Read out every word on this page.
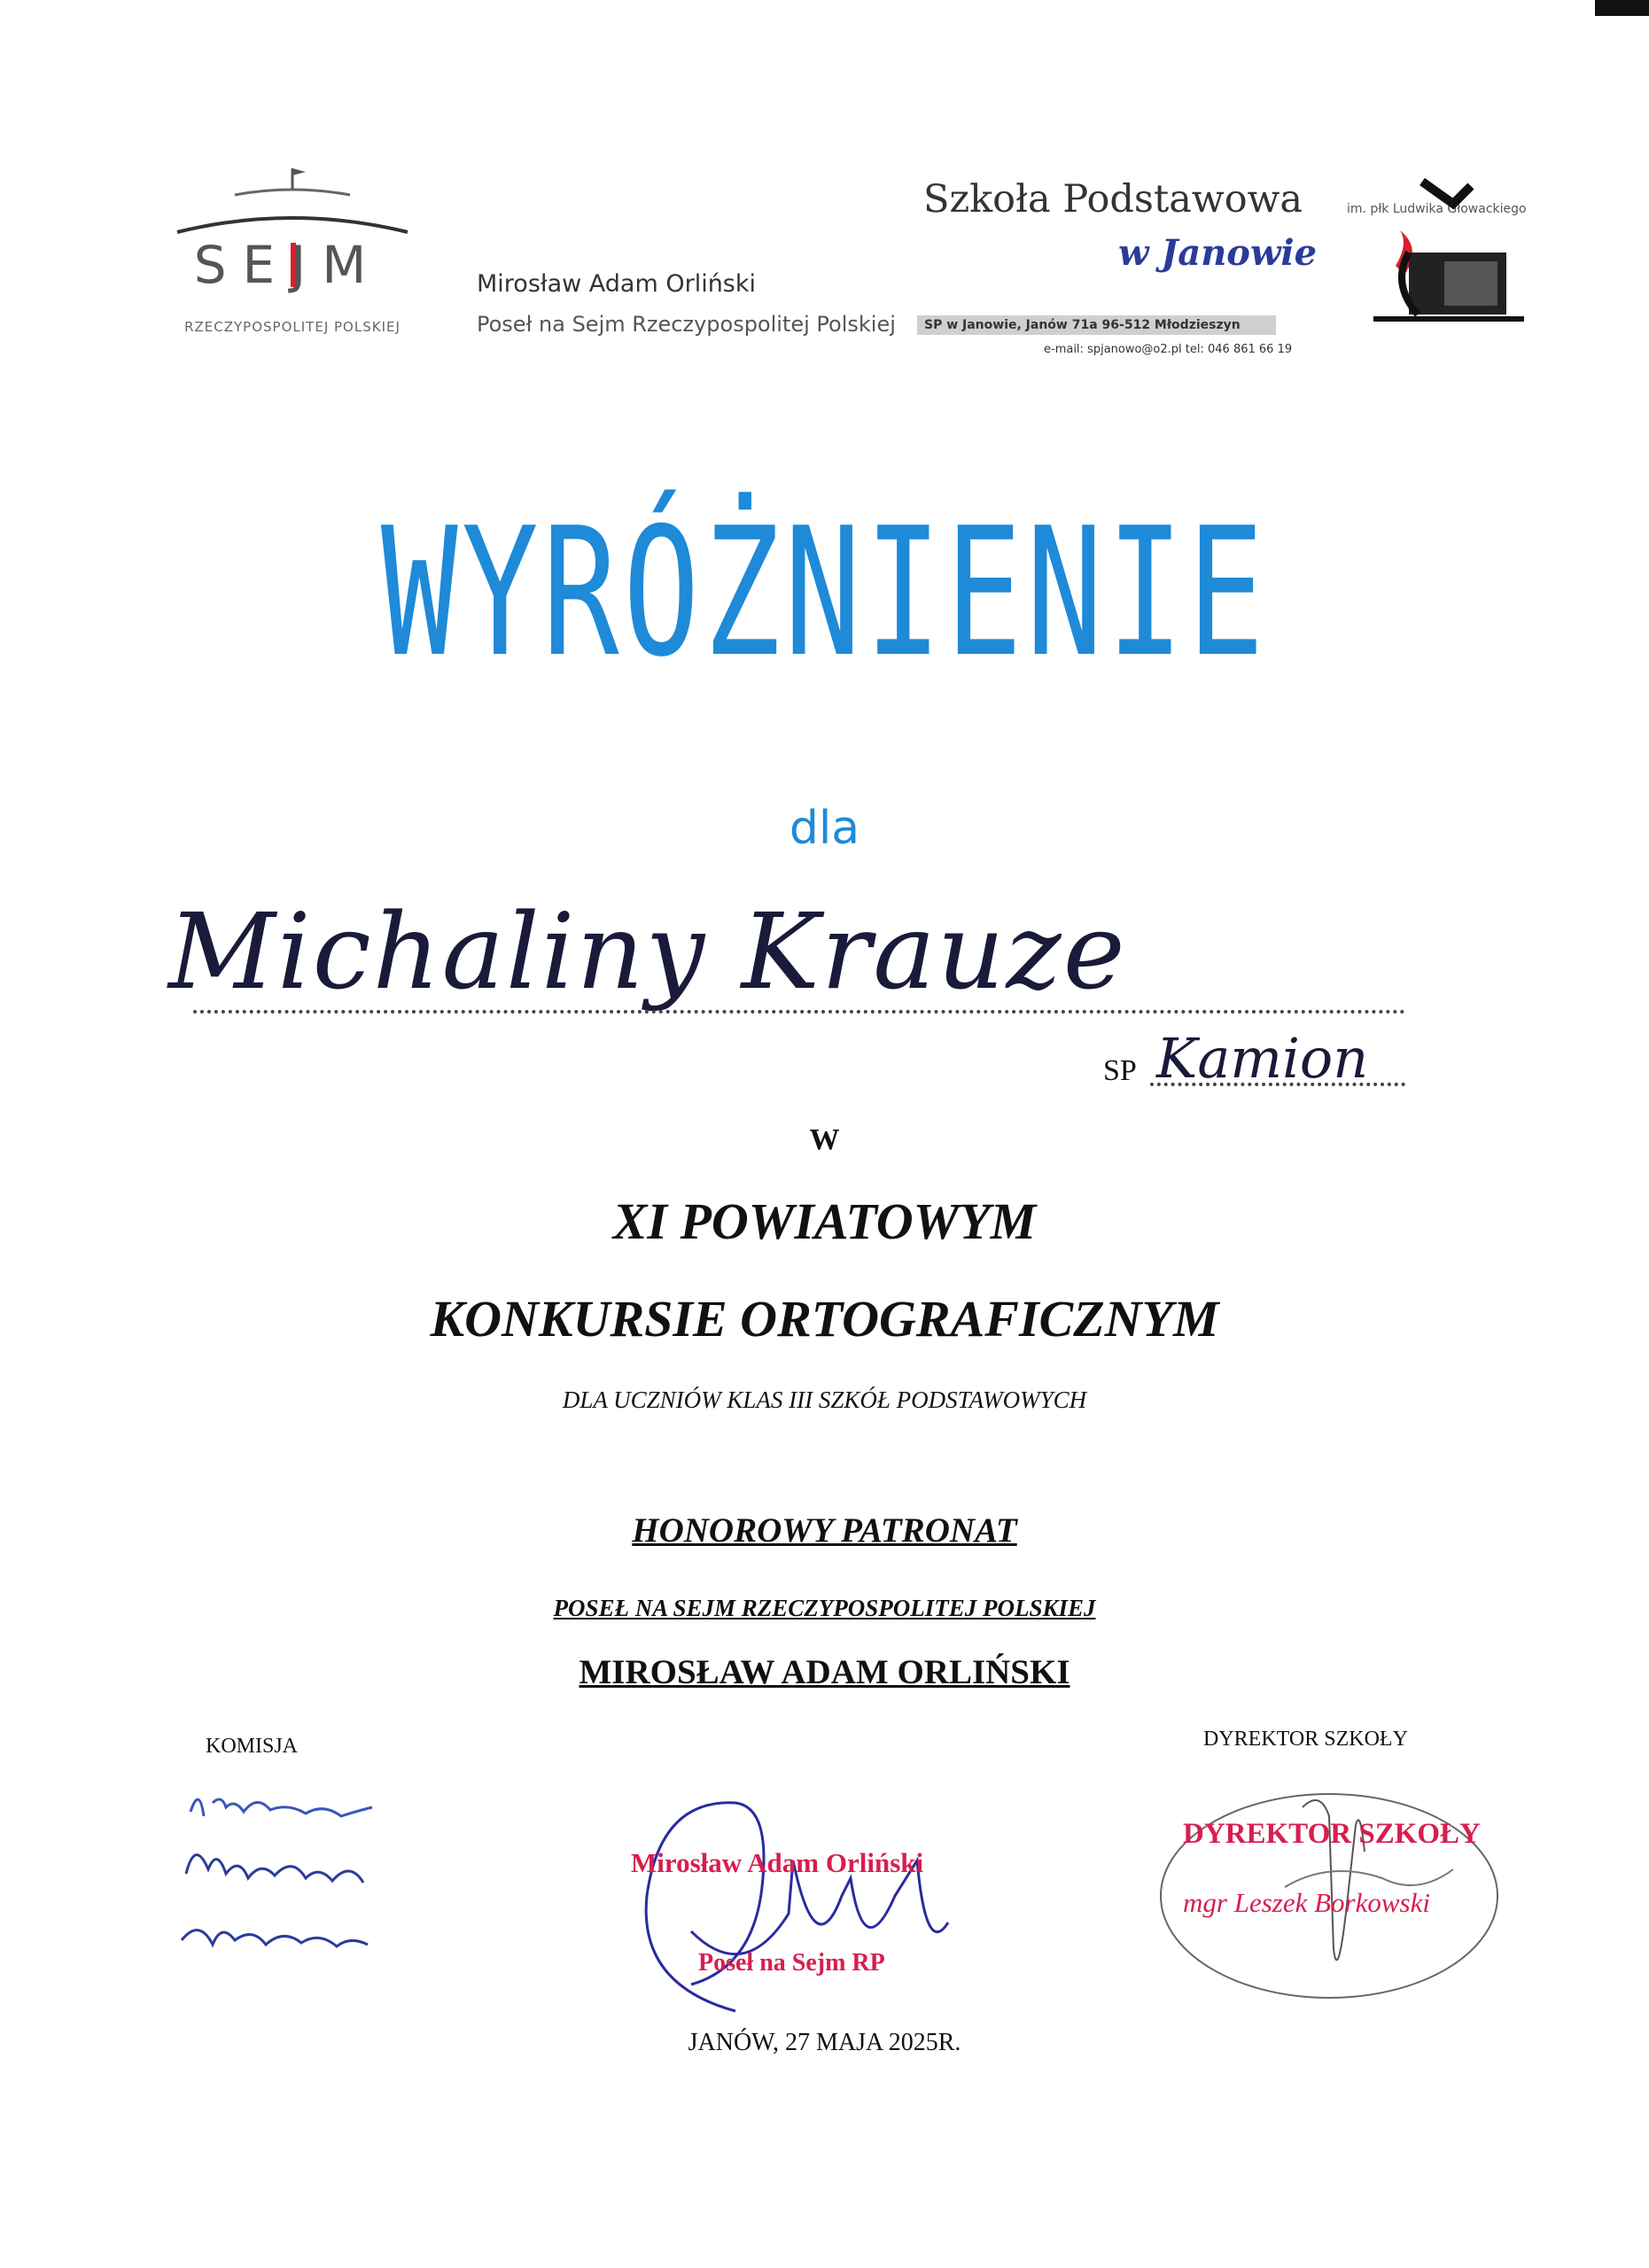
SEJM
RZECZYPOSPOLITEJ POLSKIEJ
Mirosław Adam Orliński
Poseł na Sejm Rzeczypospolitej Polskiej
Szkoła Podstawowa	im. płk Ludwika Głowackiego
w Janowie
SP w Janowie, Janów 71a 96-512 Młodzieszyn
e-mail: spjanowo@o2.pl tel: 046 861 66 19
WYRÓŻNIENIE
dla
Michaliny Krauze
SP Kamion
W
XI POWIATOWYM
KONKURSIE ORTOGRAFICZNYM
DLA UCZNIÓW KLAS III SZKÓŁ PODSTAWOWYCH
HONOROWY PATRONAT
POSEŁ NA SEJM RZECZYPOSPOLITEJ POLSKIEJ
MIROSŁAW ADAM ORLIŃSKI
KOMISJA	DYREKTOR SZKOŁY
Mirosław Adam Orliński
Poseł na Sejm RP
DYREKTOR SZKOŁY
mgr Leszek Borkowski
JANÓW, 27 MAJA 2025R.
